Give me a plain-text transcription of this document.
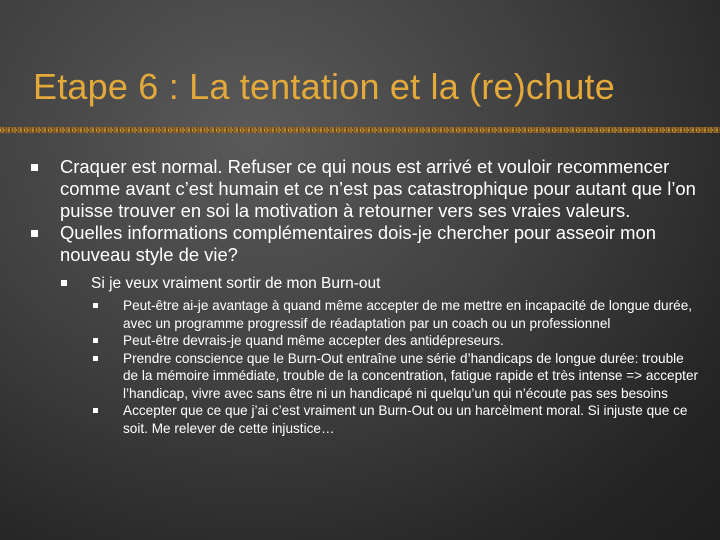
Etape 6 : La tentation et la (re)chute
Craquer est normal. Refuser ce qui nous est arrivé et vouloir recommencer comme avant c’est humain et ce n’est pas catastrophique pour autant que l’on puisse trouver en soi la motivation à retourner vers ses vraies valeurs.
Quelles informations complémentaires dois-je chercher pour asseoir mon nouveau style de vie?
Si je veux vraiment sortir de mon Burn-out
Peut-être ai-je avantage à quand même accepter de me mettre en incapacité de longue durée, avec un programme progressif de réadaptation par un coach ou un professionnel
Peut-être devrais-je quand même accepter des antidépreseurs.
Prendre conscience que le Burn-Out entraîne une série d’handicaps de longue durée: trouble de la mémoire immédiate, trouble de la concentration, fatigue rapide et très intense => accepter l’handicap, vivre avec sans être ni un handicapé ni quelqu’un qui n’écoute pas ses besoins
Accepter que ce que j’ai c’est vraiment un Burn-Out ou un harcèlment moral. Si injuste que ce soit. Me relever de cette injustice…
